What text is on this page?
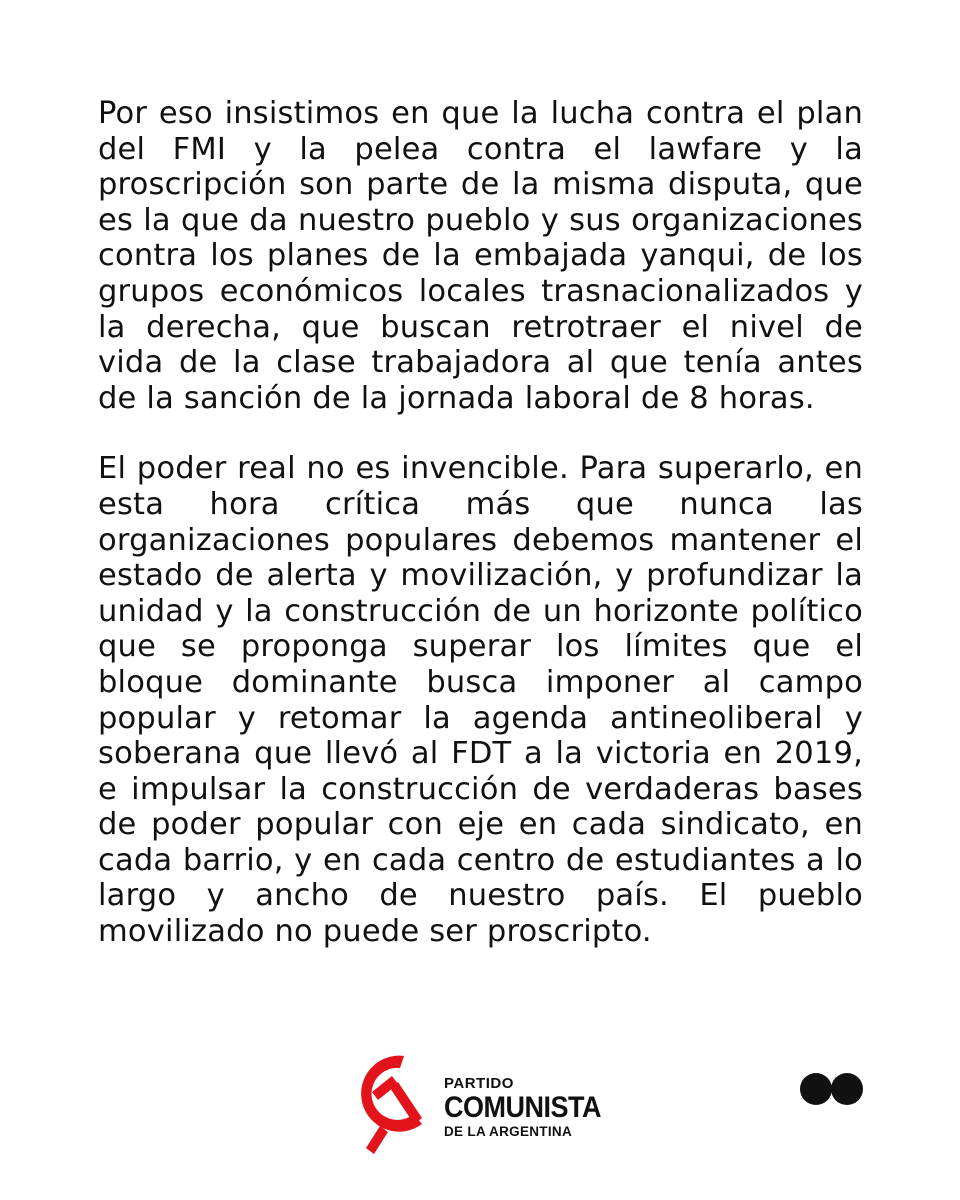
Por eso insistimos en que la lucha contra el plan del FMI y la pelea contra el lawfare y la proscripción son parte de la misma disputa, que es la que da nuestro pueblo y sus organizaciones contra los planes de la embajada yanqui, de los grupos económicos locales trasnacionalizados y la derecha, que buscan retrotraer el nivel de vida de la clase trabajadora al que tenía antes de la sanción de la jornada laboral de 8 horas.

El poder real no es invencible. Para superarlo, en esta hora crítica más que nunca las organizaciones populares debemos mantener el estado de alerta y movilización, y profundizar la unidad y la construcción de un horizonte político que se proponga superar los límites que el bloque dominante busca imponer al campo popular y retomar la agenda antineoliberal y soberana que llevó al FDT a la victoria en 2019, e impulsar la construcción de verdaderas bases de poder popular con eje en cada sindicato, en cada barrio, y en cada centro de estudiantes a lo largo y ancho de nuestro país. El pueblo movilizado no puede ser proscripto.

PARTIDO
COMUNISTA
DE LA ARGENTINA
